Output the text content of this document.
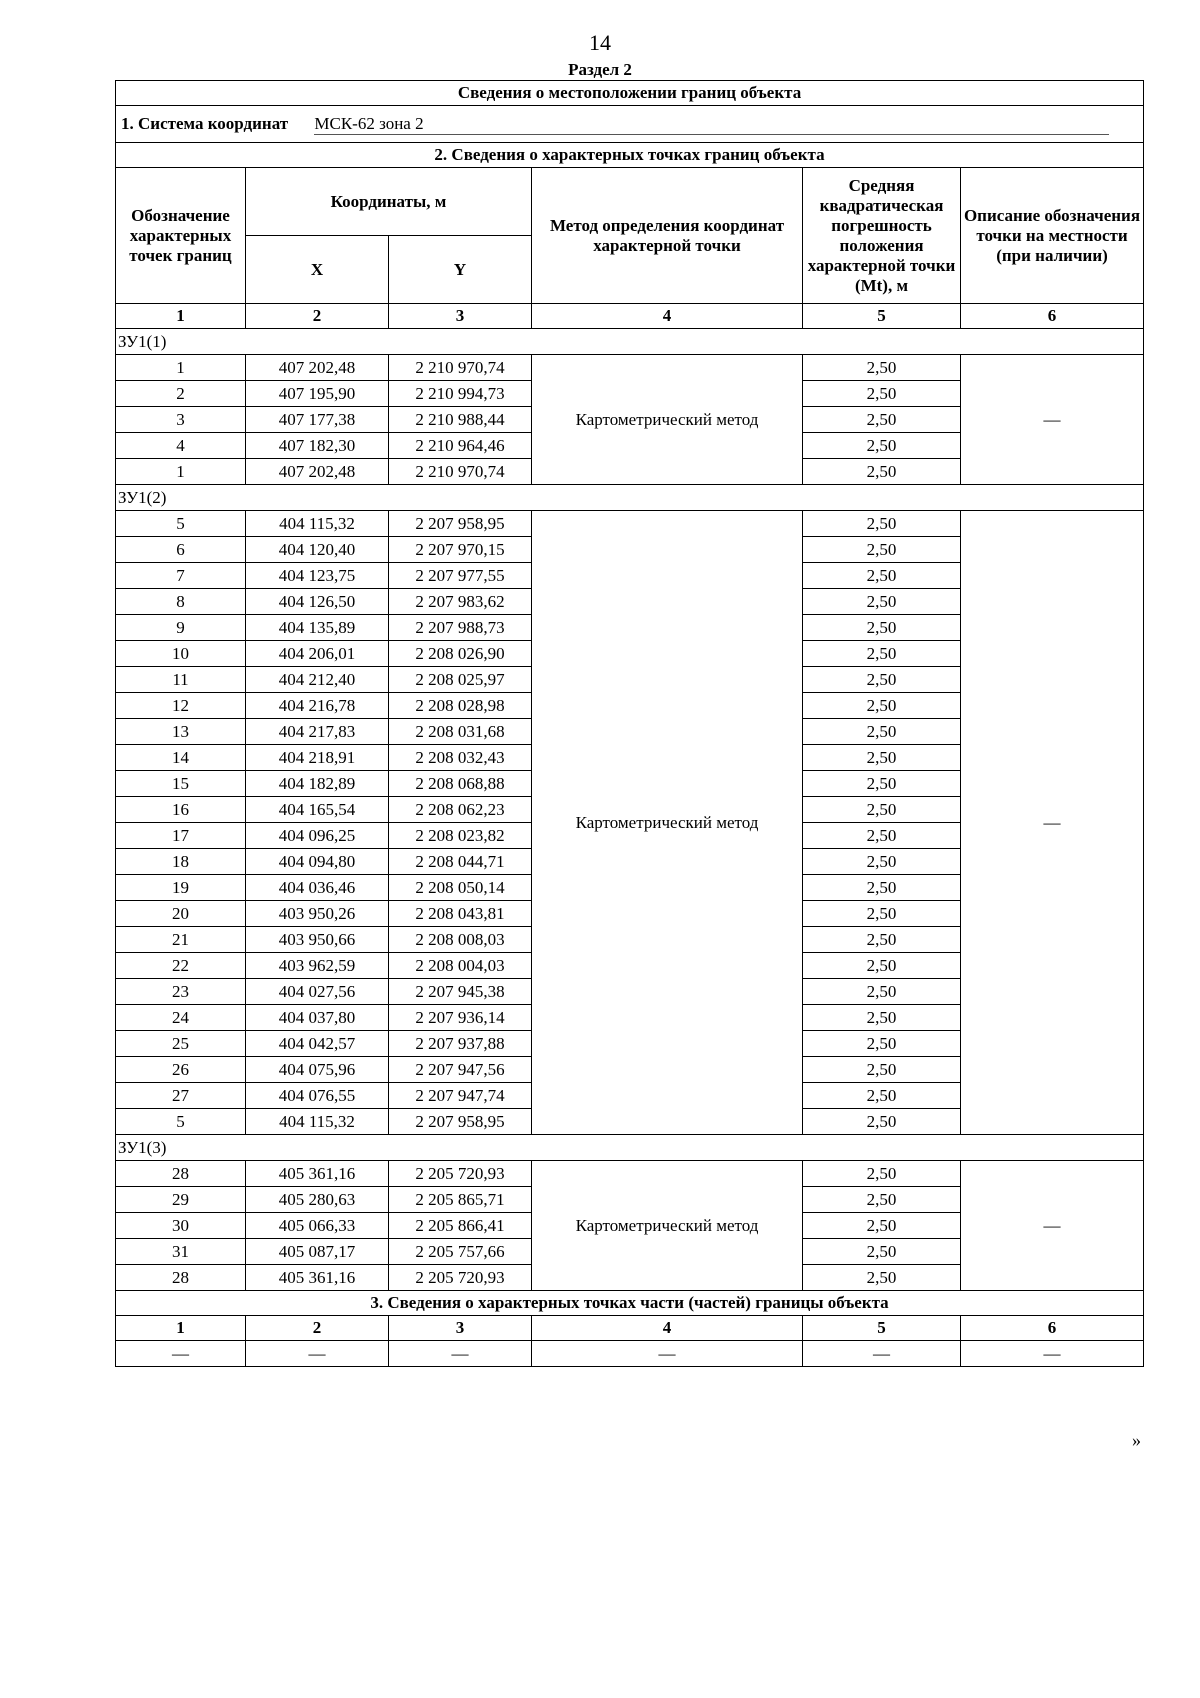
14
Раздел 2
Сведения о местоположении границ объекта					
1. Система координат МСК-62 зона 2					
2. Сведения о характерных точках границ объекта					
Обозначение характерных точек границ	Координаты, м		Метод определения координат характерной точки	Средняя квадратическая погрешность положения характерной точки (Mt), м	Описание обозначения точки на местности (при наличии)
	X	Y			
1	2	3	4	5	6
ЗУ1(1)					
1	407 202,48	2 210 970,74	Картометрический метод	2,50	—
2	407 195,90	2 210 994,73		2,50	
3	407 177,38	2 210 988,44		2,50	
4	407 182,30	2 210 964,46		2,50	
1	407 202,48	2 210 970,74		2,50	
ЗУ1(2)					
5	404 115,32	2 207 958,95	Картометрический метод	2,50	—
6	404 120,40	2 207 970,15		2,50	
7	404 123,75	2 207 977,55		2,50	
8	404 126,50	2 207 983,62		2,50	
9	404 135,89	2 207 988,73		2,50	
10	404 206,01	2 208 026,90		2,50	
11	404 212,40	2 208 025,97		2,50	
12	404 216,78	2 208 028,98		2,50	
13	404 217,83	2 208 031,68		2,50	
14	404 218,91	2 208 032,43		2,50	
15	404 182,89	2 208 068,88		2,50	
16	404 165,54	2 208 062,23		2,50	
17	404 096,25	2 208 023,82		2,50	
18	404 094,80	2 208 044,71		2,50	
19	404 036,46	2 208 050,14		2,50	
20	403 950,26	2 208 043,81		2,50	
21	403 950,66	2 208 008,03		2,50	
22	403 962,59	2 208 004,03		2,50	
23	404 027,56	2 207 945,38		2,50	
24	404 037,80	2 207 936,14		2,50	
25	404 042,57	2 207 937,88		2,50	
26	404 075,96	2 207 947,56		2,50	
27	404 076,55	2 207 947,74		2,50	
5	404 115,32	2 207 958,95		2,50	
ЗУ1(3)					
28	405 361,16	2 205 720,93	Картометрический метод	2,50	—
29	405 280,63	2 205 865,71		2,50	
30	405 066,33	2 205 866,41		2,50	
31	405 087,17	2 205 757,66		2,50	
28	405 361,16	2 205 720,93		2,50	
3. Сведения о характерных точках части (частей) границы объекта					
1	2	3	4	5	6
—	—	—	—	—	—
»
